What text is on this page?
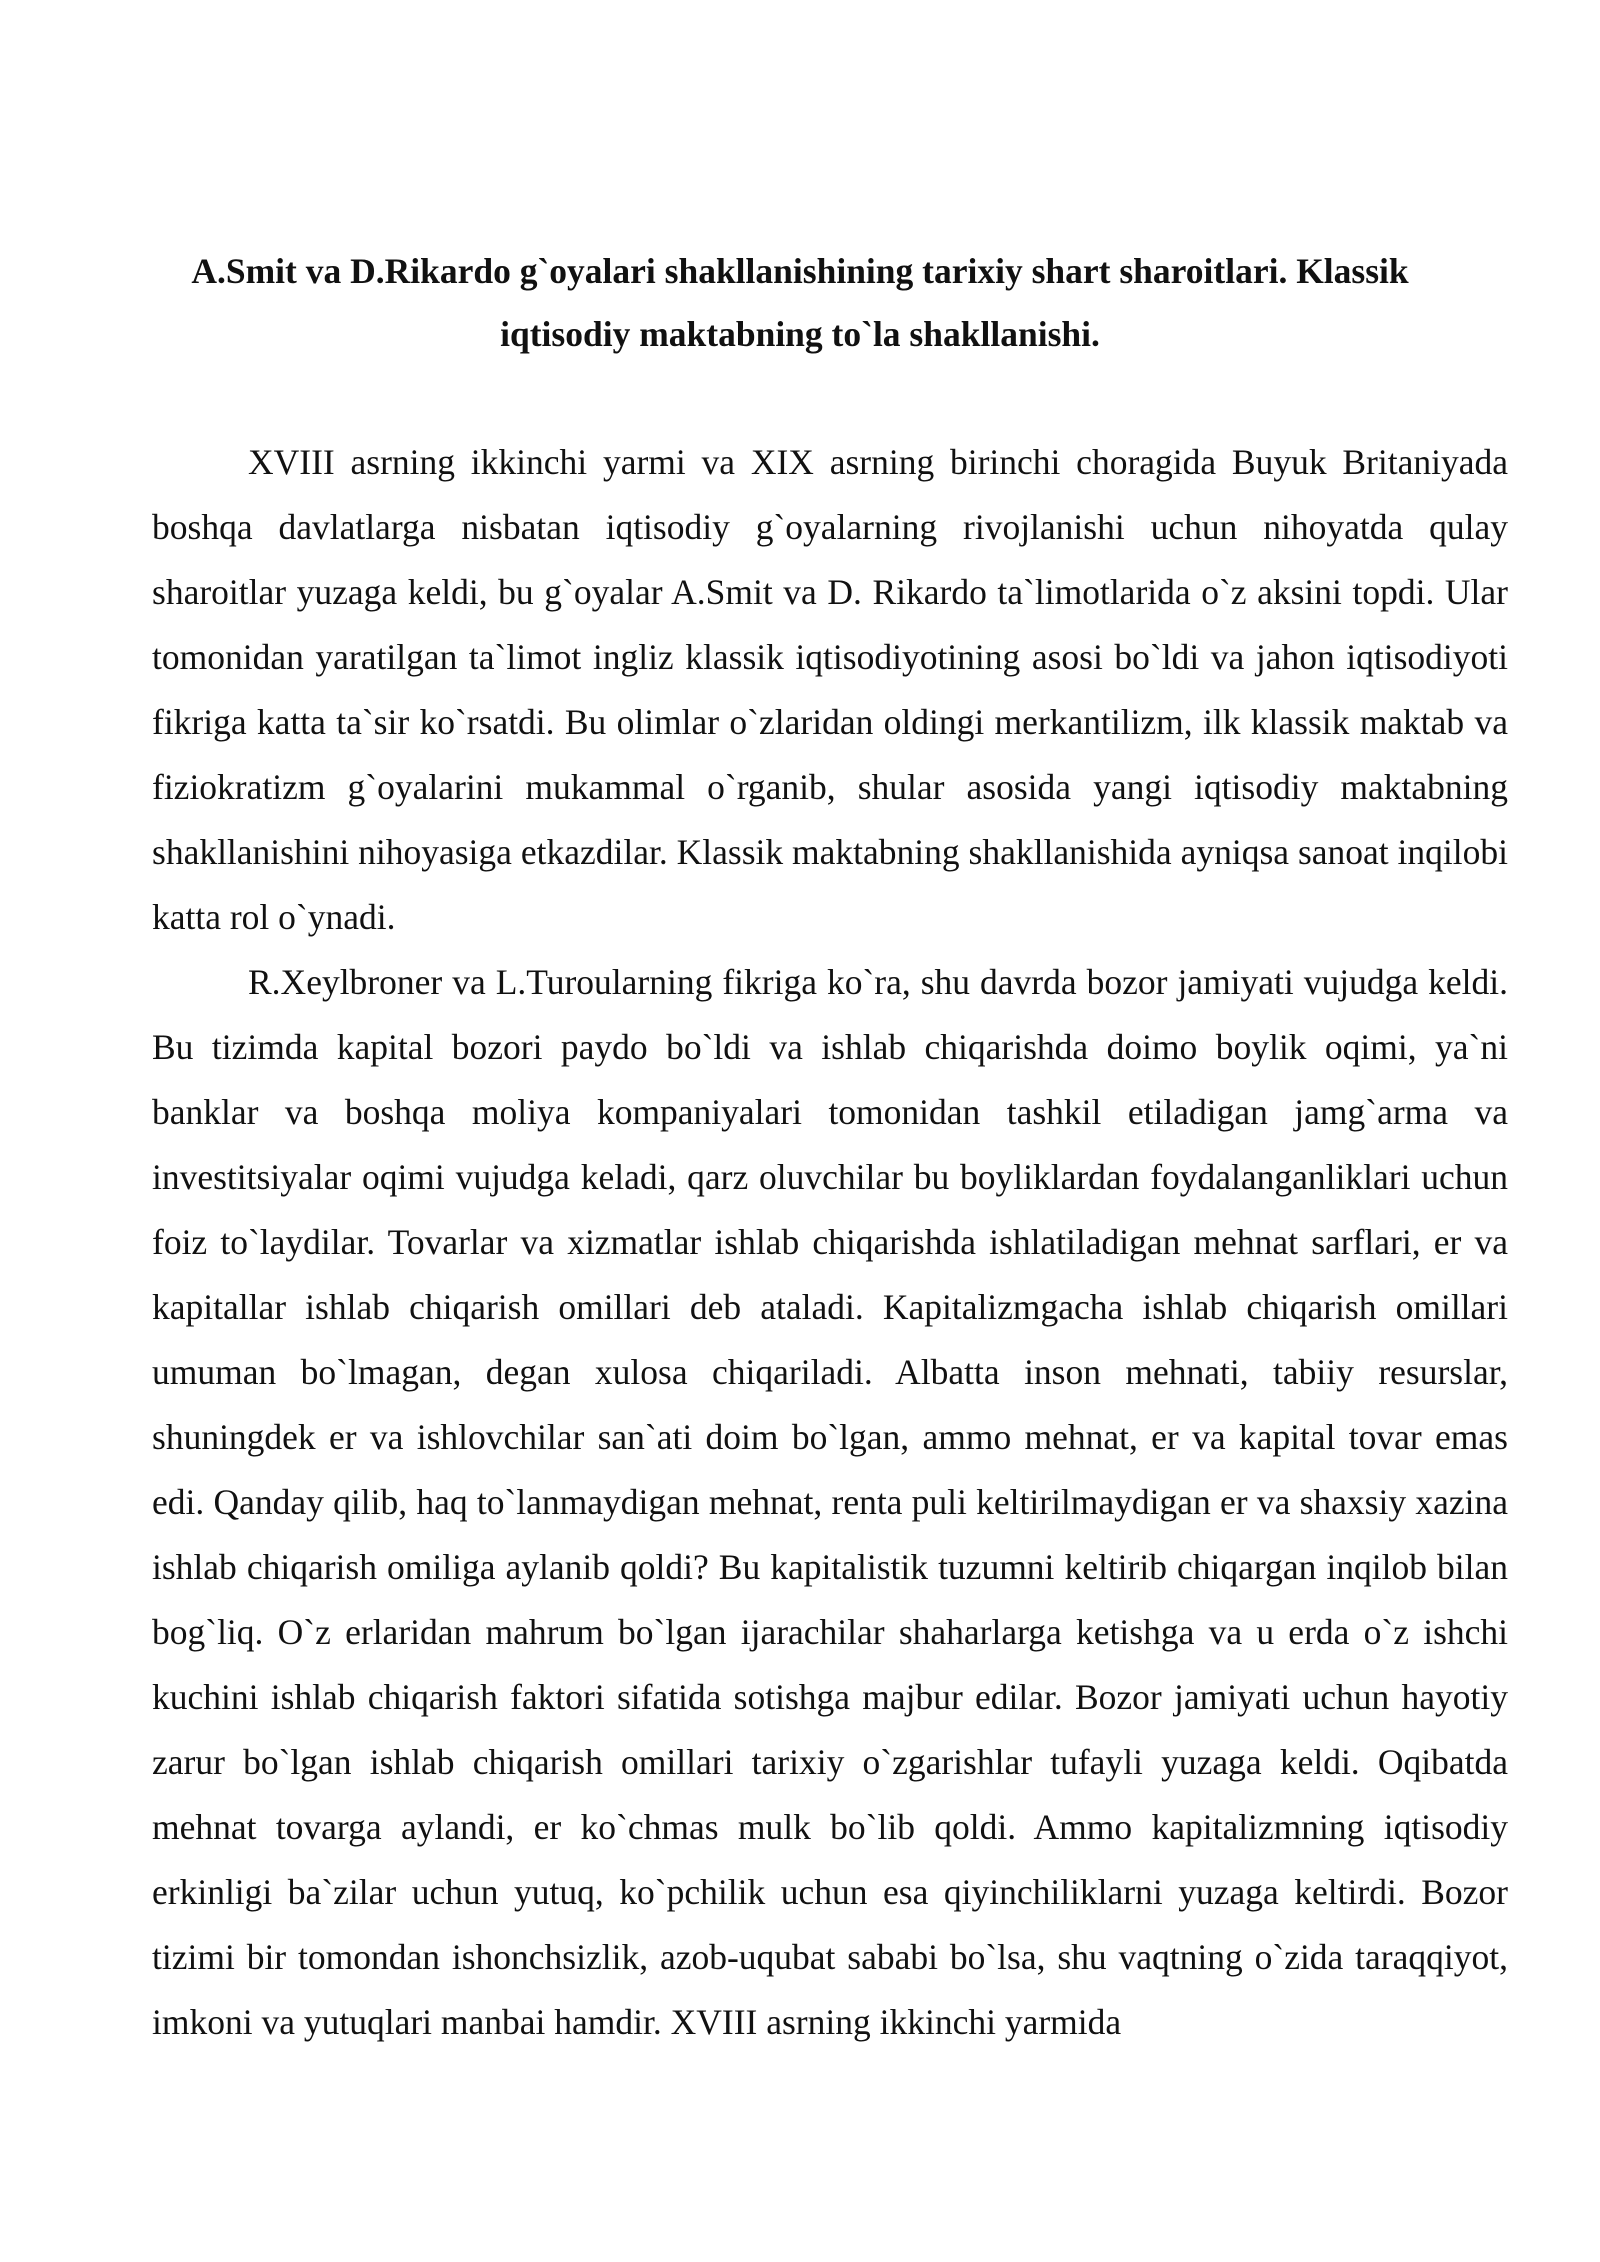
A.Smit va D.Rikardo g`oyalari shakllanishining tarixiy shart sharoitlari. Klassik iqtisodiy maktabning to`la shakllanishi.

XVIII asrning ikkinchi yarmi va XIX asrning birinchi choragida Buyuk Britaniyada boshqa davlatlarga nisbatan iqtisodiy g`oyalarning rivojlanishi uchun nihoyatda qulay sharoitlar yuzaga keldi, bu g`oyalar A.Smit va D. Rikardo ta`limotlarida o`z aksini topdi. Ular tomonidan yaratilgan ta`limot ingliz klassik iqtisodiyotining asosi bo`ldi va jahon iqtisodiyoti fikriga katta ta`sir ko`rsatdi. Bu olimlar o`zlaridan oldingi merkantilizm, ilk klassik maktab va fiziokratizm g`oyalarini mukammal o`rganib, shular asosida yangi iqtisodiy maktabning shakllanishini nihoyasiga etkazdilar. Klassik maktabning shakllanishida ayniqsa sanoat inqilobi katta rol o`ynadi.

R.Xeylbroner va L.Turoularning fikriga ko`ra, shu davrda bozor jamiyati vujudga keldi. Bu tizimda kapital bozori paydo bo`ldi va ishlab chiqarishda doimo boylik oqimi, ya`ni banklar va boshqa moliya kompaniyalari tomonidan tashkil etiladigan jamg`arma va investitsiyalar oqimi vujudga keladi, qarz oluvchilar bu boyliklardan foydalanganliklari uchun foiz to`laydilar. Tovarlar va xizmatlar ishlab chiqarishda ishlatiladigan mehnat sarflari, er va kapitallar ishlab chiqarish omillari deb ataladi. Kapitalizmgacha ishlab chiqarish omillari umuman bo`lmagan, degan xulosa chiqariladi. Albatta inson mehnati, tabiiy resurslar, shuningdek er va ishlovchilar san`ati doim bo`lgan, ammo mehnat, er va kapital tovar emas edi. Qanday qilib, haq to`lanmaydigan mehnat, renta puli keltirilmaydigan er va shaxsiy xazina ishlab chiqarish omiliga aylanib qoldi? Bu kapitalistik tuzumni keltirib chiqargan inqilob bilan bog`liq. O`z erlaridan mahrum bo`lgan ijarachilar shaharlarga ketishga va u erda o`z ishchi kuchini ishlab chiqarish faktori sifatida sotishga majbur edilar. Bozor jamiyati uchun hayotiy zarur bo`lgan ishlab chiqarish omillari tarixiy o`zgarishlar tufayli yuzaga keldi. Oqibatda mehnat tovarga aylandi, er ko`chmas mulk bo`lib qoldi. Ammo kapitalizmning iqtisodiy erkinligi ba`zilar uchun yutuq, ko`pchilik uchun esa qiyinchiliklarni yuzaga keltirdi. Bozor tizimi bir tomondan ishonchsizlik, azob-uqubat sababi bo`lsa, shu vaqtning o`zida taraqqiyot, imkoni va yutuqlari manbai hamdir. XVIII asrning ikkinchi yarmida
